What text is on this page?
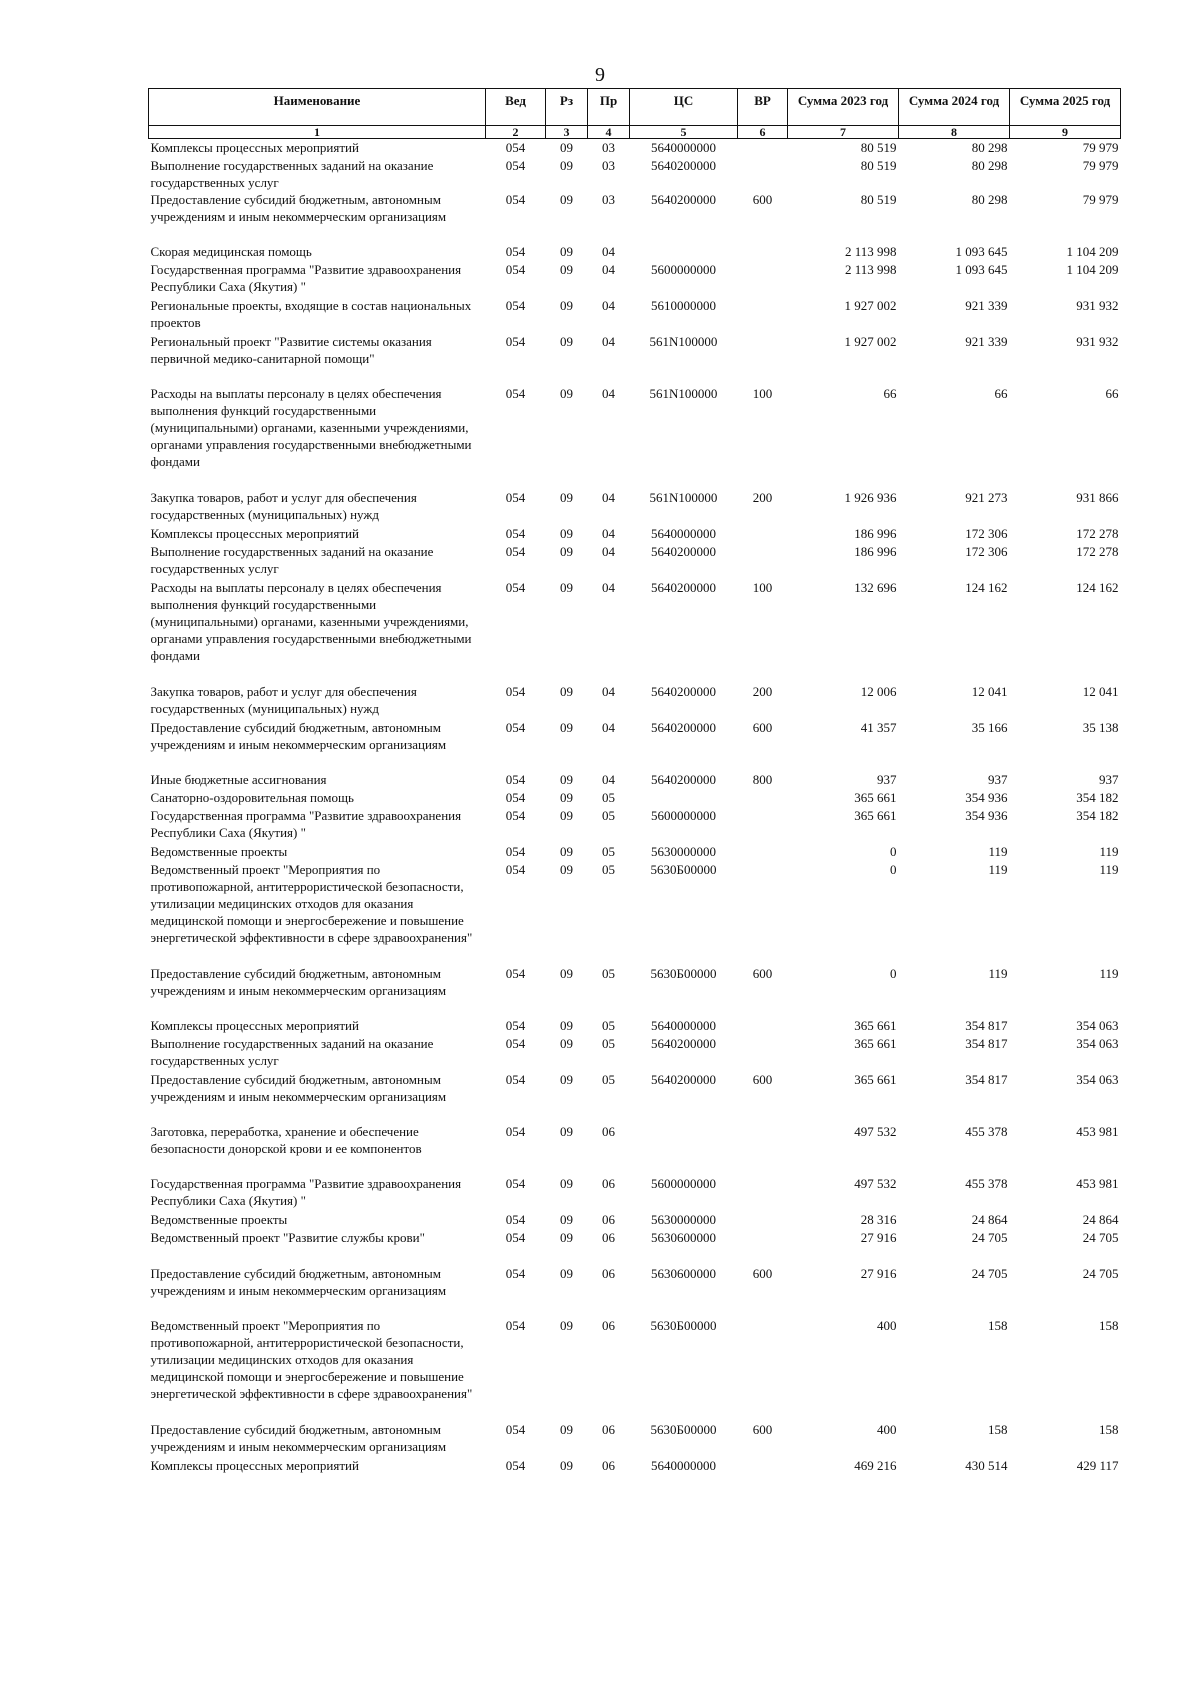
9
Наименование	Вед	Рз	Пр	ЦС	ВР	Сумма 2023 год	Сумма 2024 год	Сумма 2025 год
1	2	3	4	5	6	7	8	9
Комплексы процессных мероприятий	054	09	03	5640000000		80 519	80 298	79 979
Выполнение государственных заданий на оказание государственных услуг	054	09	03	5640200000		80 519	80 298	79 979
Предоставление субсидий бюджетным, автономным учреждениям и иным некоммерческим организациям	054	09	03	5640200000	600	80 519	80 298	79 979
Скорая медицинская помощь	054	09	04			2 113 998	1 093 645	1 104 209
Государственная программа "Развитие здравоохранения Республики Саха (Якутия) "	054	09	04	5600000000		2 113 998	1 093 645	1 104 209
Региональные проекты, входящие в состав национальных проектов	054	09	04	5610000000		1 927 002	921 339	931 932
Региональный проект "Развитие системы оказания первичной медико-санитарной помощи"	054	09	04	561N100000		1 927 002	921 339	931 932
Расходы на выплаты персоналу в целях обеспечения выполнения функций государственными (муниципальными) органами, казенными учреждениями, органами управления государственными внебюджетными фондами	054	09	04	561N100000	100	66	66	66
Закупка товаров, работ и услуг для обеспечения государственных (муниципальных) нужд	054	09	04	561N100000	200	1 926 936	921 273	931 866
Комплексы процессных мероприятий	054	09	04	5640000000		186 996	172 306	172 278
Выполнение государственных заданий на оказание государственных услуг	054	09	04	5640200000		186 996	172 306	172 278
Расходы на выплаты персоналу в целях обеспечения выполнения функций государственными (муниципальными) органами, казенными учреждениями, органами управления государственными внебюджетными фондами	054	09	04	5640200000	100	132 696	124 162	124 162
Закупка товаров, работ и услуг для обеспечения государственных (муниципальных) нужд	054	09	04	5640200000	200	12 006	12 041	12 041
Предоставление субсидий бюджетным, автономным учреждениям и иным некоммерческим организациям	054	09	04	5640200000	600	41 357	35 166	35 138
Иные бюджетные ассигнования	054	09	04	5640200000	800	937	937	937
Санаторно-оздоровительная помощь	054	09	05			365 661	354 936	354 182
Государственная программа "Развитие здравоохранения Республики Саха (Якутия) "	054	09	05	5600000000		365 661	354 936	354 182
Ведомственные проекты	054	09	05	5630000000		0	119	119
Ведомственный проект "Мероприятия по противопожарной, антитеррористической безопасности, утилизации медицинских отходов для оказания медицинской помощи и энергосбережение и повышение энергетической эффективности в сфере здравоохранения"	054	09	05	5630Б00000		0	119	119
Предоставление субсидий бюджетным, автономным учреждениям и иным некоммерческим организациям	054	09	05	5630Б00000	600	0	119	119
Комплексы процессных мероприятий	054	09	05	5640000000		365 661	354 817	354 063
Выполнение государственных заданий на оказание государственных услуг	054	09	05	5640200000		365 661	354 817	354 063
Предоставление субсидий бюджетным, автономным учреждениям и иным некоммерческим организациям	054	09	05	5640200000	600	365 661	354 817	354 063
Заготовка, переработка, хранение и обеспечение безопасности донорской крови и ее компонентов	054	09	06			497 532	455 378	453 981
Государственная программа "Развитие здравоохранения Республики Саха (Якутия) "	054	09	06	5600000000		497 532	455 378	453 981
Ведомственные проекты	054	09	06	5630000000		28 316	24 864	24 864
Ведомственный проект "Развитие службы крови"	054	09	06	5630600000		27 916	24 705	24 705
Предоставление субсидий бюджетным, автономным учреждениям и иным некоммерческим организациям	054	09	06	5630600000	600	27 916	24 705	24 705
Ведомственный проект "Мероприятия по противопожарной, антитеррористической безопасности, утилизации медицинских отходов для оказания медицинской помощи и энергосбережение и повышение энергетической эффективности в сфере здравоохранения"	054	09	06	5630Б00000		400	158	158
Предоставление субсидий бюджетным, автономным учреждениям и иным некоммерческим организациям	054	09	06	5630Б00000	600	400	158	158
Комплексы процессных мероприятий	054	09	06	5640000000		469 216	430 514	429 117
